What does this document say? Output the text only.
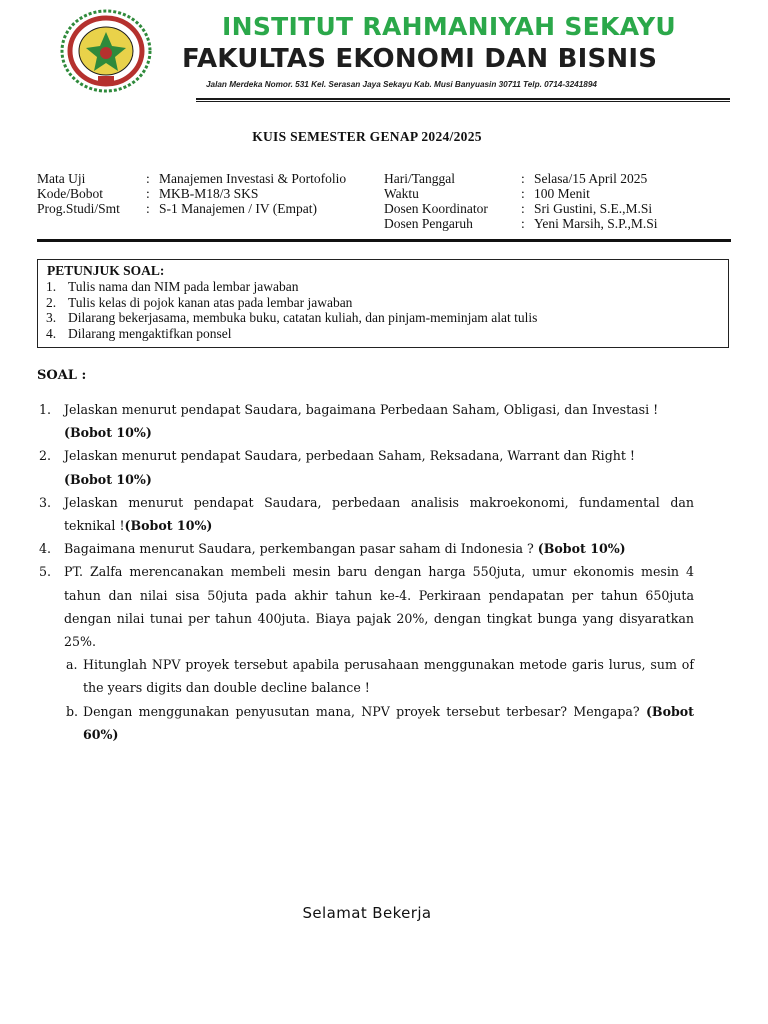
INSTITUT RAHMANIYAH SEKAYU
FAKULTAS EKONOMI DAN BISNIS
Jalan Merdeka Nomor. 531 Kel. Serasan Jaya Sekayu Kab. Musi Banyuasin 30711 Telp. 0714-3241894
KUIS SEMESTER GENAP 2024/2025
Mata Uji	: Manajemen Investasi & Portofolio
Kode/Bobot	: MKB-M18/3 SKS
Prog.Studi/Smt : S-1 Manajemen / IV (Empat)
Hari/Tanggal	: Selasa/15 April 2025
Waktu	: 100 Menit
Dosen Koordinator : Sri Gustini, S.E.,M.Si
Dosen Pengaruh	: Yeni Marsih, S.P.,M.Si
PETUNJUK SOAL:
1. Tulis nama dan NIM pada lembar jawaban
2. Tulis kelas di pojok kanan atas pada lembar jawaban
3. Dilarang bekerjasama, membuka buku, catatan kuliah, dan pinjam-meminjam alat tulis
4. Dilarang mengaktifkan ponsel
SOAL :
1. Jelaskan menurut pendapat Saudara, bagaimana Perbedaan Saham, Obligasi, dan Investasi !
(Bobot 10%)
2. Jelaskan menurut pendapat Saudara, perbedaan Saham, Reksadana, Warrant dan Right !
(Bobot 10%)
3. Jelaskan menurut pendapat Saudara, perbedaan analisis makroekonomi, fundamental dan teknikal !(Bobot 10%)
4. Bagaimana menurut Saudara, perkembangan pasar saham di Indonesia ? (Bobot 10%)
5. PT. Zalfa merencanakan membeli mesin baru dengan harga 550juta, umur ekonomis mesin 4 tahun dan nilai sisa 50juta pada akhir tahun ke-4. Perkiraan pendapatan per tahun 650juta dengan nilai tunai per tahun 400juta. Biaya pajak 20%, dengan tingkat bunga yang disyaratkan 25%.
a. Hitunglah NPV proyek tersebut apabila perusahaan menggunakan metode garis lurus, sum of the years digits dan double decline balance !
b. Dengan menggunakan penyusutan mana, NPV proyek tersebut terbesar? Mengapa? (Bobot 60%)
Selamat Bekerja
